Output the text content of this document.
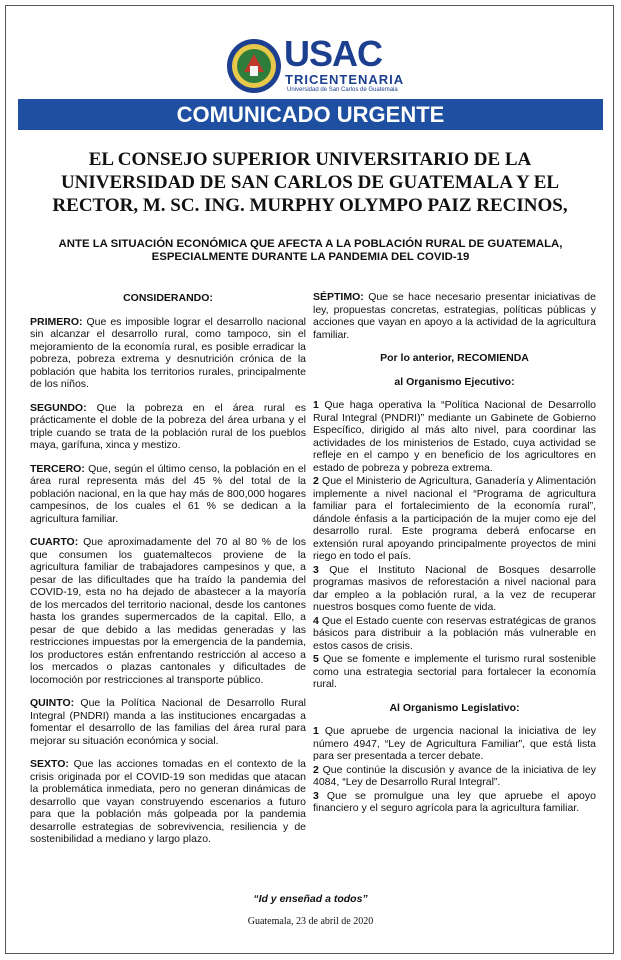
USAC
TRICENTENARIA
Universidad de San Carlos de Guatemala
COMUNICADO URGENTE
EL CONSEJO SUPERIOR UNIVERSITARIO DE LA UNIVERSIDAD DE SAN CARLOS DE GUATEMALA Y EL RECTOR, M. SC. ING. MURPHY OLYMPO PAIZ RECINOS,
ANTE LA SITUACIÓN ECONÓMICA QUE AFECTA A LA POBLACIÓN RURAL DE GUATEMALA, ESPECIALMENTE DURANTE LA PANDEMIA DEL COVID-19

CONSIDERANDO:

PRIMERO: Que es imposible lograr el desarrollo nacional sin alcanzar el desarrollo rural, como tampoco, sin el mejoramiento de la economía rural, es posible erradicar la pobreza, pobreza extrema y desnutrición crónica de la población que habita los territorios rurales, principalmente de los niños.

SEGUNDO: Que la pobreza en el área rural es prácticamente el doble de la pobreza del área urbana y el triple cuando se trata de la población rural de los pueblos maya, garífuna, xinca y mestizo.

TERCERO: Que, según el último censo, la población en el área rural representa más del 45 % del total de la población nacional, en la que hay más de 800,000 hogares campesinos, de los cuales el 61 % se dedican a la agricultura familiar.

CUARTO: Que aproximadamente del 70 al 80 % de los que consumen los guatemaltecos proviene de la agricultura familiar de trabajadores campesinos y que, a pesar de las dificultades que ha traído la pandemia del COVID-19, esta no ha dejado de abastecer a la mayoría de los mercados del territorio nacional, desde los cantones hasta los grandes supermercados de la capital. Ello, a pesar de que debido a las medidas generadas y las restricciones impuestas por la emergencia de la pandemia, los productores están enfrentando restricción al acceso a los mercados o plazas cantonales y dificultades de locomoción por restricciones al transporte público.

QUINTO: Que la Política Nacional de Desarrollo Rural Integral (PNDRI) manda a las instituciones encargadas a fomentar el desarrollo de las familias del área rural para mejorar su situación económica y social.

SEXTO: Que las acciones tomadas en el contexto de la crisis originada por el COVID-19 son medidas que atacan la problemática inmediata, pero no generan dinámicas de desarrollo que vayan construyendo escenarios a futuro para que la población más golpeada por la pandemia desarrolle estrategias de sobrevivencia, resiliencia y de sostenibilidad a mediano y largo plazo.

SÉPTIMO: Que se hace necesario presentar iniciativas de ley, propuestas concretas, estrategias, políticas públicas y acciones que vayan en apoyo a la actividad de la agricultura familiar.

Por lo anterior, RECOMIENDA

al Organismo Ejecutivo:

1 Que haga operativa la “Política Nacional de Desarrollo Rural Integral (PNDRI)” mediante un Gabinete de Gobierno Específico, dirigido al más alto nivel, para coordinar las actividades de los ministerios de Estado, cuya actividad se refleje en el campo y en beneficio de los agricultores en estado de pobreza y pobreza extrema.

2 Que el Ministerio de Agricultura, Ganadería y Alimentación implemente a nivel nacional el “Programa de agricultura familiar para el fortalecimiento de la economía rural”, dándole énfasis a la participación de la mujer como eje del desarrollo rural. Este programa deberá enfocarse en extensión rural apoyando principalmente proyectos de mini riego en todo el país.

3 Que el Instituto Nacional de Bosques desarrolle programas masivos de reforestación a nivel nacional para dar empleo a la población rural, a la vez de recuperar nuestros bosques como fuente de vida.

4 Que el Estado cuente con reservas estratégicas de granos básicos para distribuir a la población más vulnerable en estos casos de crisis.

5 Que se fomente e implemente el turismo rural sostenible como una estrategia sectorial para fortalecer la economía rural.

Al Organismo Legislativo:

1 Que apruebe de urgencia nacional la iniciativa de ley número 4947, “Ley de Agricultura Familiar”, que está lista para ser presentada a tercer debate.

2 Que continúe la discusión y avance de la iniciativa de ley 4084, “Ley de Desarrollo Rural Integral”.

3 Que se promulgue una ley que apruebe el apoyo financiero y el seguro agrícola para la agricultura familiar.

“Id y enseñad a todos”
Guatemala, 23 de abril de 2020
